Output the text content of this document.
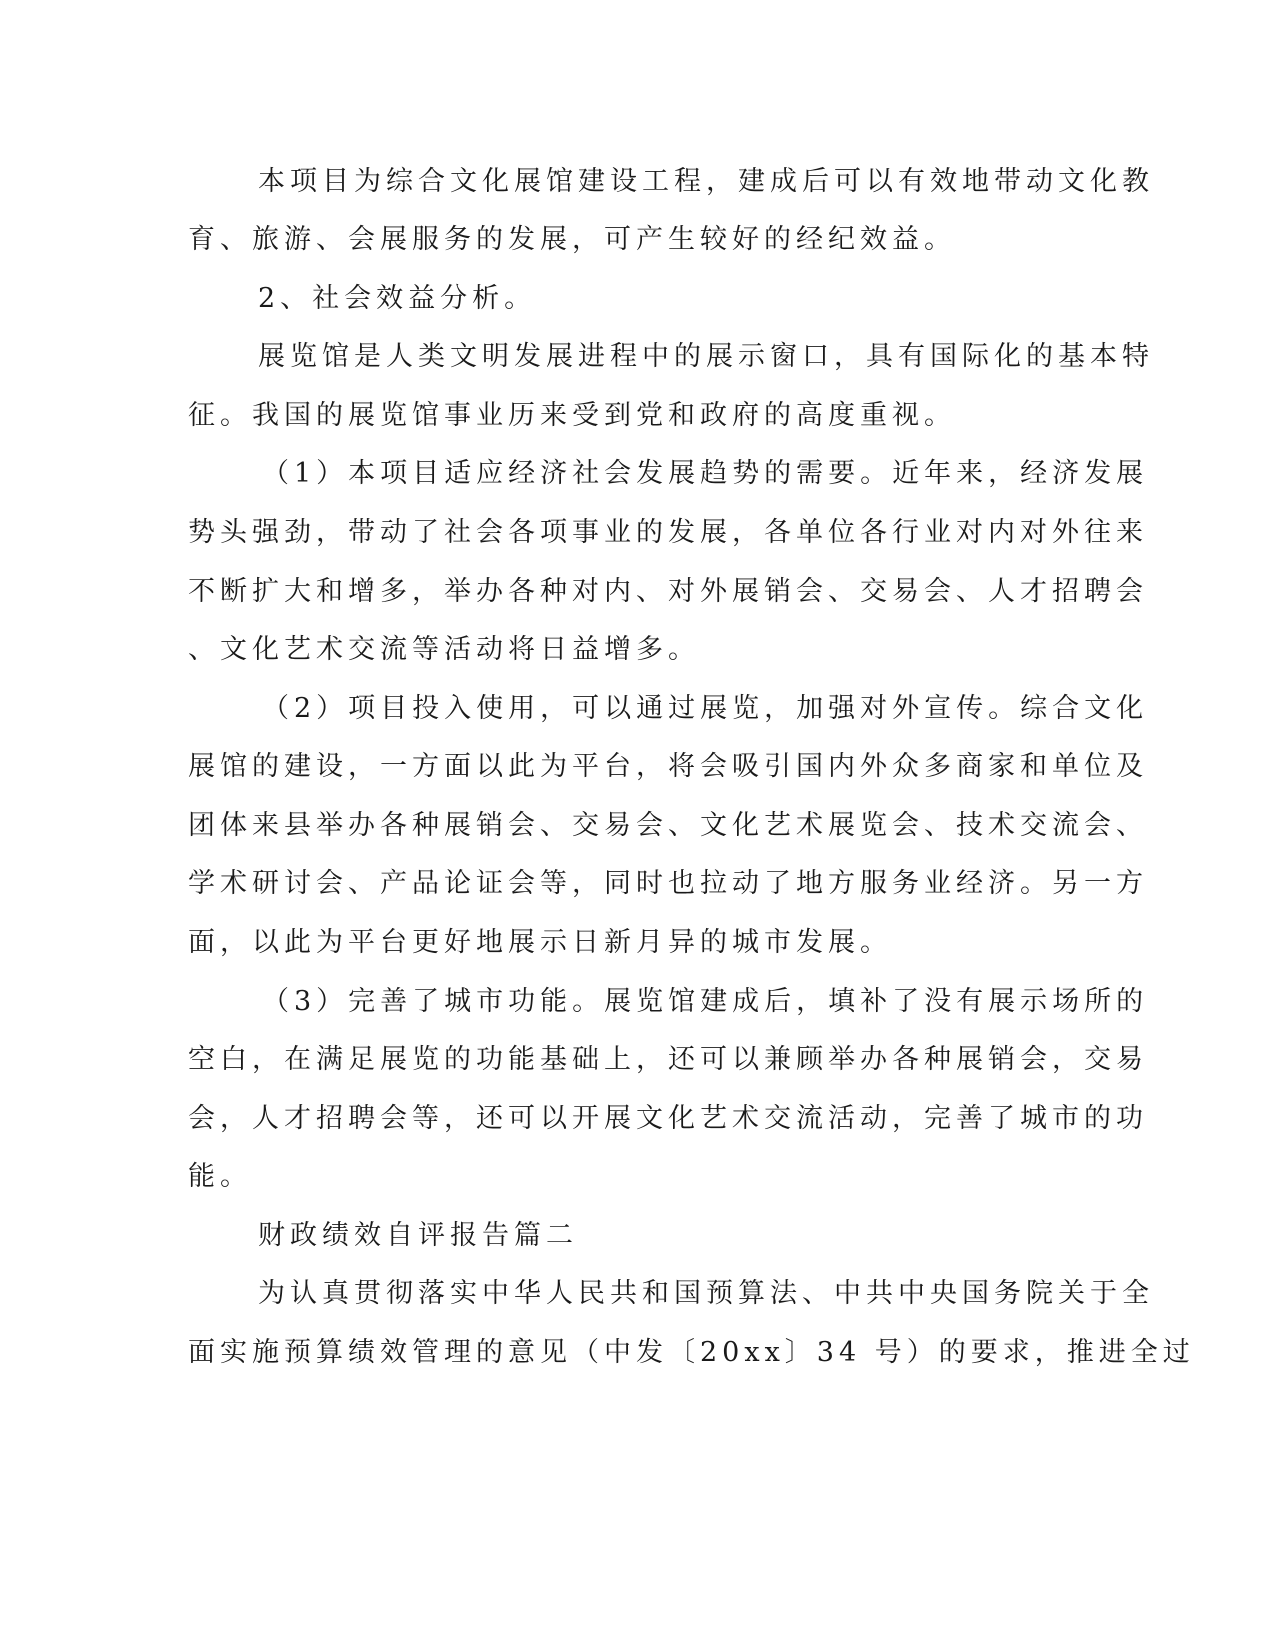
本项目为综合文化展馆建设工程，建成后可以有效地带动文化教
育、旅游、会展服务的发展，可产生较好的经纪效益。
2、社会效益分析。
展览馆是人类文明发展进程中的展示窗口，具有国际化的基本特
征。我国的展览馆事业历来受到党和政府的高度重视。
（1）本项目适应经济社会发展趋势的需要。近年来，经济发展
势头强劲，带动了社会各项事业的发展，各单位各行业对内对外往来
不断扩大和增多，举办各种对内、对外展销会、交易会、人才招聘会
、文化艺术交流等活动将日益增多。
（2）项目投入使用，可以通过展览，加强对外宣传。综合文化
展馆的建设，一方面以此为平台，将会吸引国内外众多商家和单位及
团体来县举办各种展销会、交易会、文化艺术展览会、技术交流会、
学术研讨会、产品论证会等，同时也拉动了地方服务业经济。另一方
面，以此为平台更好地展示日新月异的城市发展。
（3）完善了城市功能。展览馆建成后，填补了没有展示场所的
空白，在满足展览的功能基础上，还可以兼顾举办各种展销会，交易
会，人才招聘会等，还可以开展文化艺术交流活动，完善了城市的功
能。
财政绩效自评报告篇二
为认真贯彻落实中华人民共和国预算法、中共中央国务院关于全
面实施预算绩效管理的意见（中发〔20xx〕34 号）的要求，推进全过
